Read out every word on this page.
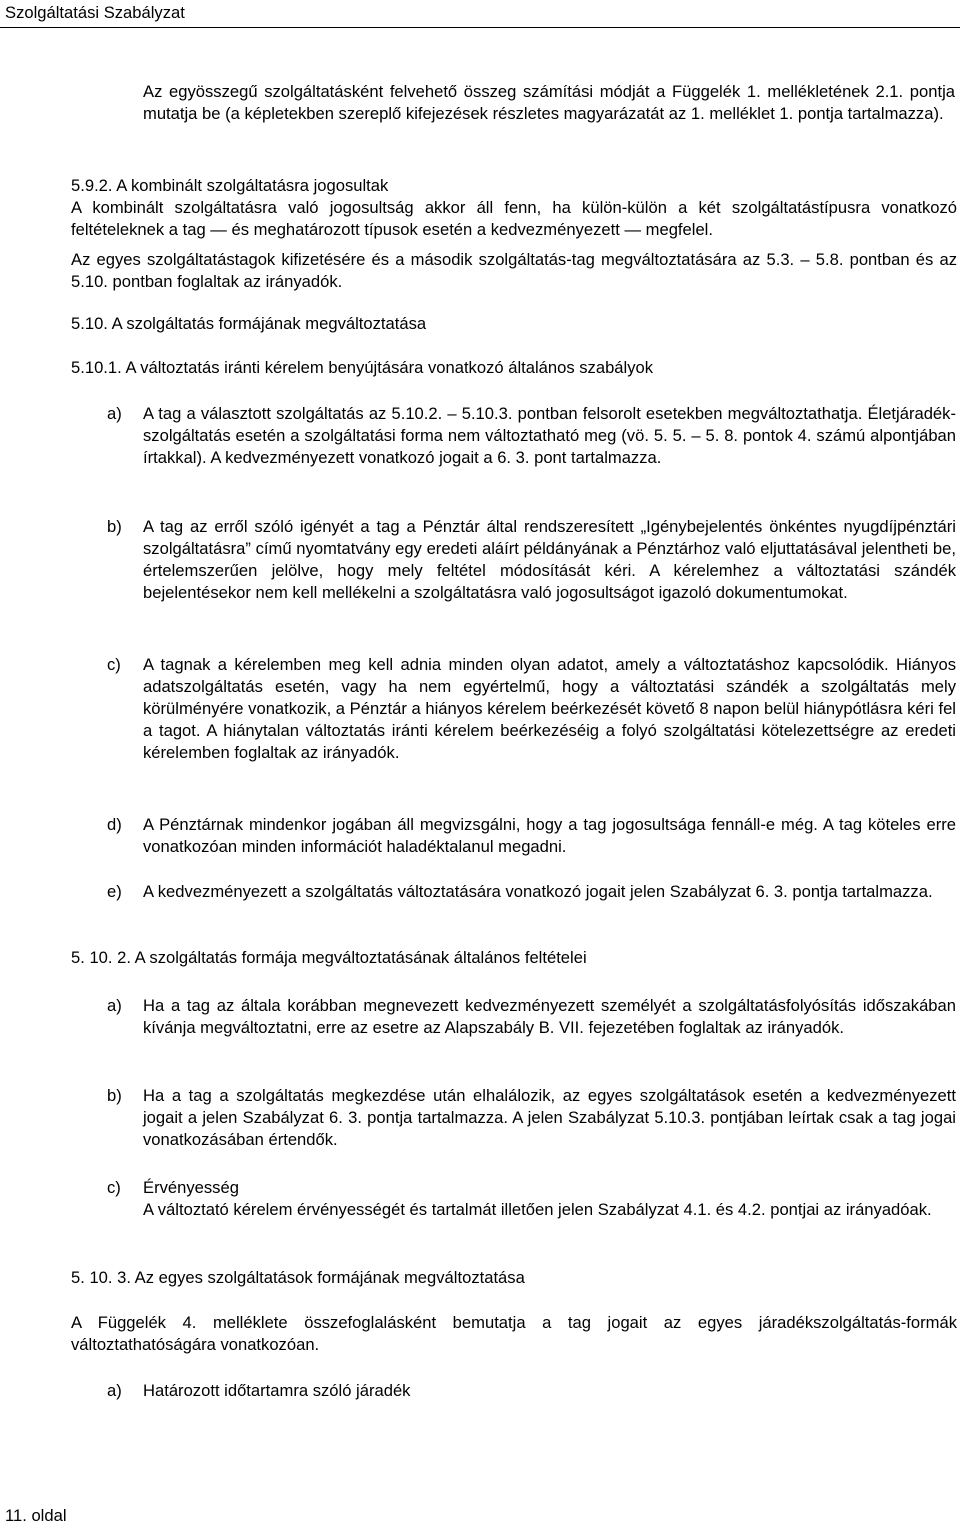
Szolgáltatási Szabályzat
Az egyösszegű szolgáltatásként felvehető összeg számítási módját a Függelék 1. mellékletének 2.1. pontja mutatja be (a képletekben szereplő kifejezések részletes magyarázatát az 1. melléklet 1. pontja tartalmazza).
5.9.2. A kombinált szolgáltatásra jogosultak
A kombinált szolgáltatásra való jogosultság akkor áll fenn, ha külön-külön a két szolgáltatástípusra vonatkozó feltételeknek a tag — és meghatározott típusok esetén a kedvezményezett — megfelel.
Az egyes szolgáltatástagok kifizetésére és a második szolgáltatás-tag megváltoztatására az 5.3. – 5.8. pontban és az 5.10. pontban foglaltak az irányadók.
5.10. A szolgáltatás formájának megváltoztatása
5.10.1. A változtatás iránti kérelem benyújtására vonatkozó általános szabályok
a) A tag a választott szolgáltatás az 5.10.2. – 5.10.3. pontban felsorolt esetekben megváltoztathatja. Életjáradék-szolgáltatás esetén a szolgáltatási forma nem változtatható meg (vö. 5. 5. – 5. 8. pontok 4. számú alpontjában írtakkal). A kedvezményezett vonatkozó jogait a 6. 3. pont tartalmazza.
b) A tag az erről szóló igényét a tag a Pénztár által rendszeresített „Igénybejelentés önkéntes nyugdíjpénztári szolgáltatásra” című nyomtatvány egy eredeti aláírt példányának a Pénztárhoz való eljuttatásával jelentheti be, értelemszerűen jelölve, hogy mely feltétel módosítását kéri. A kérelemhez a változtatási szándék bejelentésekor nem kell mellékelni a szolgáltatásra való jogosultságot igazoló dokumentumokat.
c) A tagnak a kérelemben meg kell adnia minden olyan adatot, amely a változtatáshoz kapcsolódik. Hiányos adatszolgáltatás esetén, vagy ha nem egyértelmű, hogy a változtatási szándék a szolgáltatás mely körülményére vonatkozik, a Pénztár a hiányos kérelem beérkezését követő 8 napon belül hiánypótlásra kéri fel a tagot. A hiánytalan változtatás iránti kérelem beérkezéséig a folyó szolgáltatási kötelezettségre az eredeti kérelemben foglaltak az irányadók.
d) A Pénztárnak mindenkor jogában áll megvizsgálni, hogy a tag jogosultsága fennáll-e még. A tag köteles erre vonatkozóan minden információt haladéktalanul megadni.
e) A kedvezményezett a szolgáltatás változtatására vonatkozó jogait jelen Szabályzat 6. 3. pontja tartalmazza.
5. 10. 2. A szolgáltatás formája megváltoztatásának általános feltételei
a) Ha a tag az általa korábban megnevezett kedvezményezett személyét a szolgáltatásfolyósítás időszakában kívánja megváltoztatni, erre az esetre az Alapszabály B. VII. fejezetében foglaltak az irányadók.
b) Ha a tag a szolgáltatás megkezdése után elhalálozik, az egyes szolgáltatások esetén a kedvezményezett jogait a jelen Szabályzat 6. 3. pontja tartalmazza. A jelen Szabályzat 5.10.3. pontjában leírtak csak a tag jogai vonatkozásában értendők.
c) Érvényesség
A változtató kérelem érvényességét és tartalmát illetően jelen Szabályzat 4.1. és 4.2. pontjai az irányadóak.
5. 10. 3. Az egyes szolgáltatások formájának megváltoztatása
A Függelék 4. melléklete összefoglalásként bemutatja a tag jogait az egyes járadékszolgáltatás-formák változtathatóságára vonatkozóan.
a) Határozott időtartamra szóló járadék
11. oldal
